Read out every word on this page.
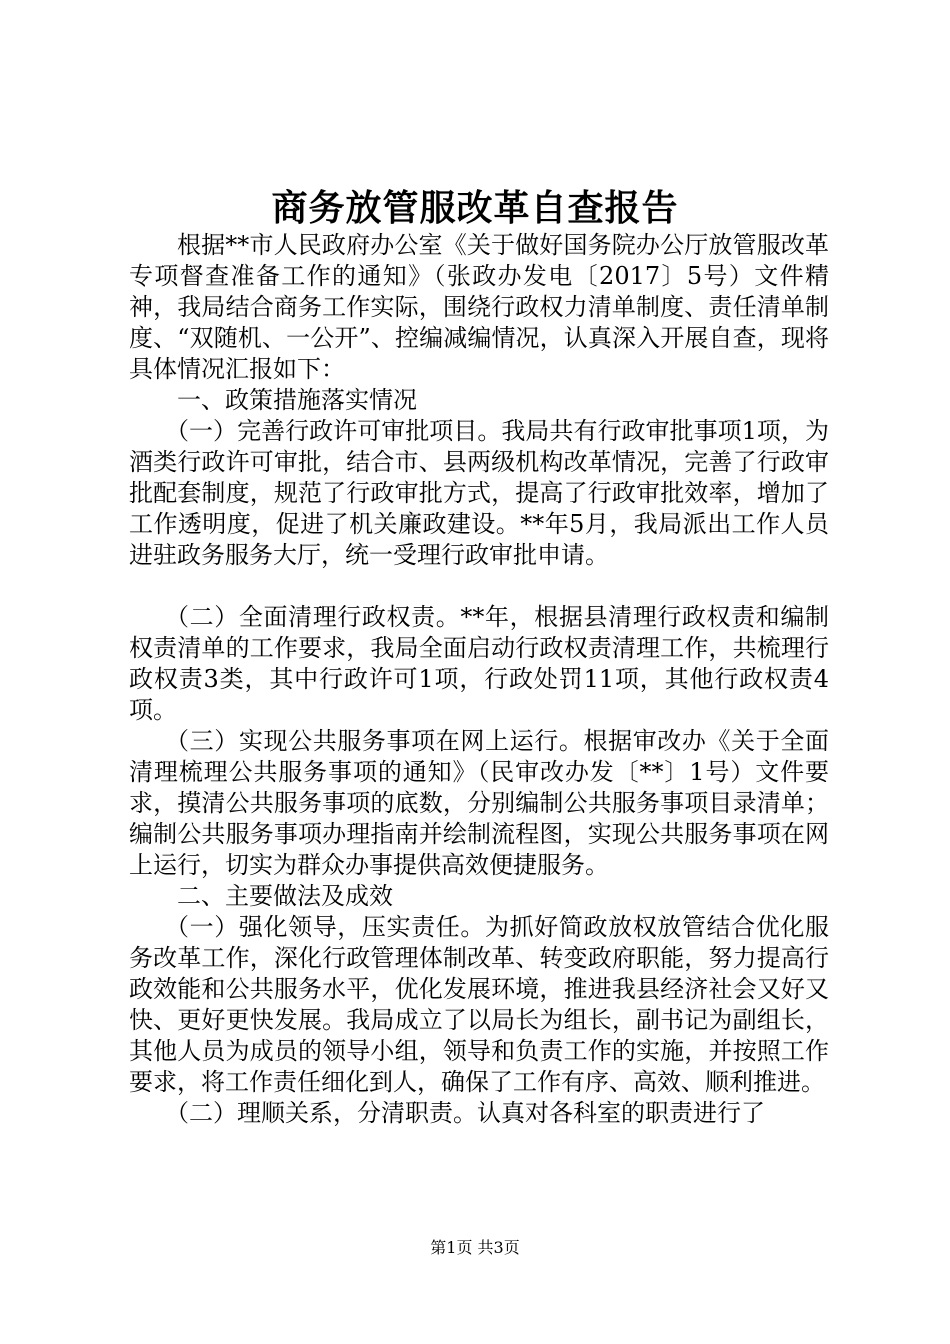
商务放管服改革自查报告

根据**市人民政府办公室《关于做好国务院办公厅放管服改革专项督查准备工作的通知》（张政办发电〔2017〕5号）文件精神，我局结合商务工作实际，围绕行政权力清单制度、责任清单制度、“双随机、一公开”、控编减编情况，认真深入开展自查，现将具体情况汇报如下：

一、政策措施落实情况

（一）完善行政许可审批项目。我局共有行政审批事项1项，为酒类行政许可审批，结合市、县两级机构改革情况，完善了行政审批配套制度，规范了行政审批方式，提高了行政审批效率，增加了工作透明度，促进了机关廉政建设。**年5月，我局派出工作人员进驻政务服务大厅，统一受理行政审批申请。

（二）全面清理行政权责。**年，根据县清理行政权责和编制权责清单的工作要求，我局全面启动行政权责清理工作，共梳理行政权责3类，其中行政许可1项，行政处罚11项，其他行政权责4项。

（三）实现公共服务事项在网上运行。根据审改办《关于全面清理梳理公共服务事项的通知》（民审改办发〔**〕1号）文件要求，摸清公共服务事项的底数，分别编制公共服务事项目录清单；编制公共服务事项办理指南并绘制流程图，实现公共服务事项在网上运行，切实为群众办事提供高效便捷服务。

二、主要做法及成效

（一）强化领导，压实责任。为抓好简政放权放管结合优化服务改革工作，深化行政管理体制改革、转变政府职能，努力提高行政效能和公共服务水平，优化发展环境，推进我县经济社会又好又快、更好更快发展。我局成立了以局长为组长，副书记为副组长，其他人员为成员的领导小组，领导和负责工作的实施，并按照工作要求，将工作责任细化到人，确保了工作有序、高效、顺利推进。

（二）理顺关系，分清职责。认真对各科室的职责进行了

第1页 共3页
